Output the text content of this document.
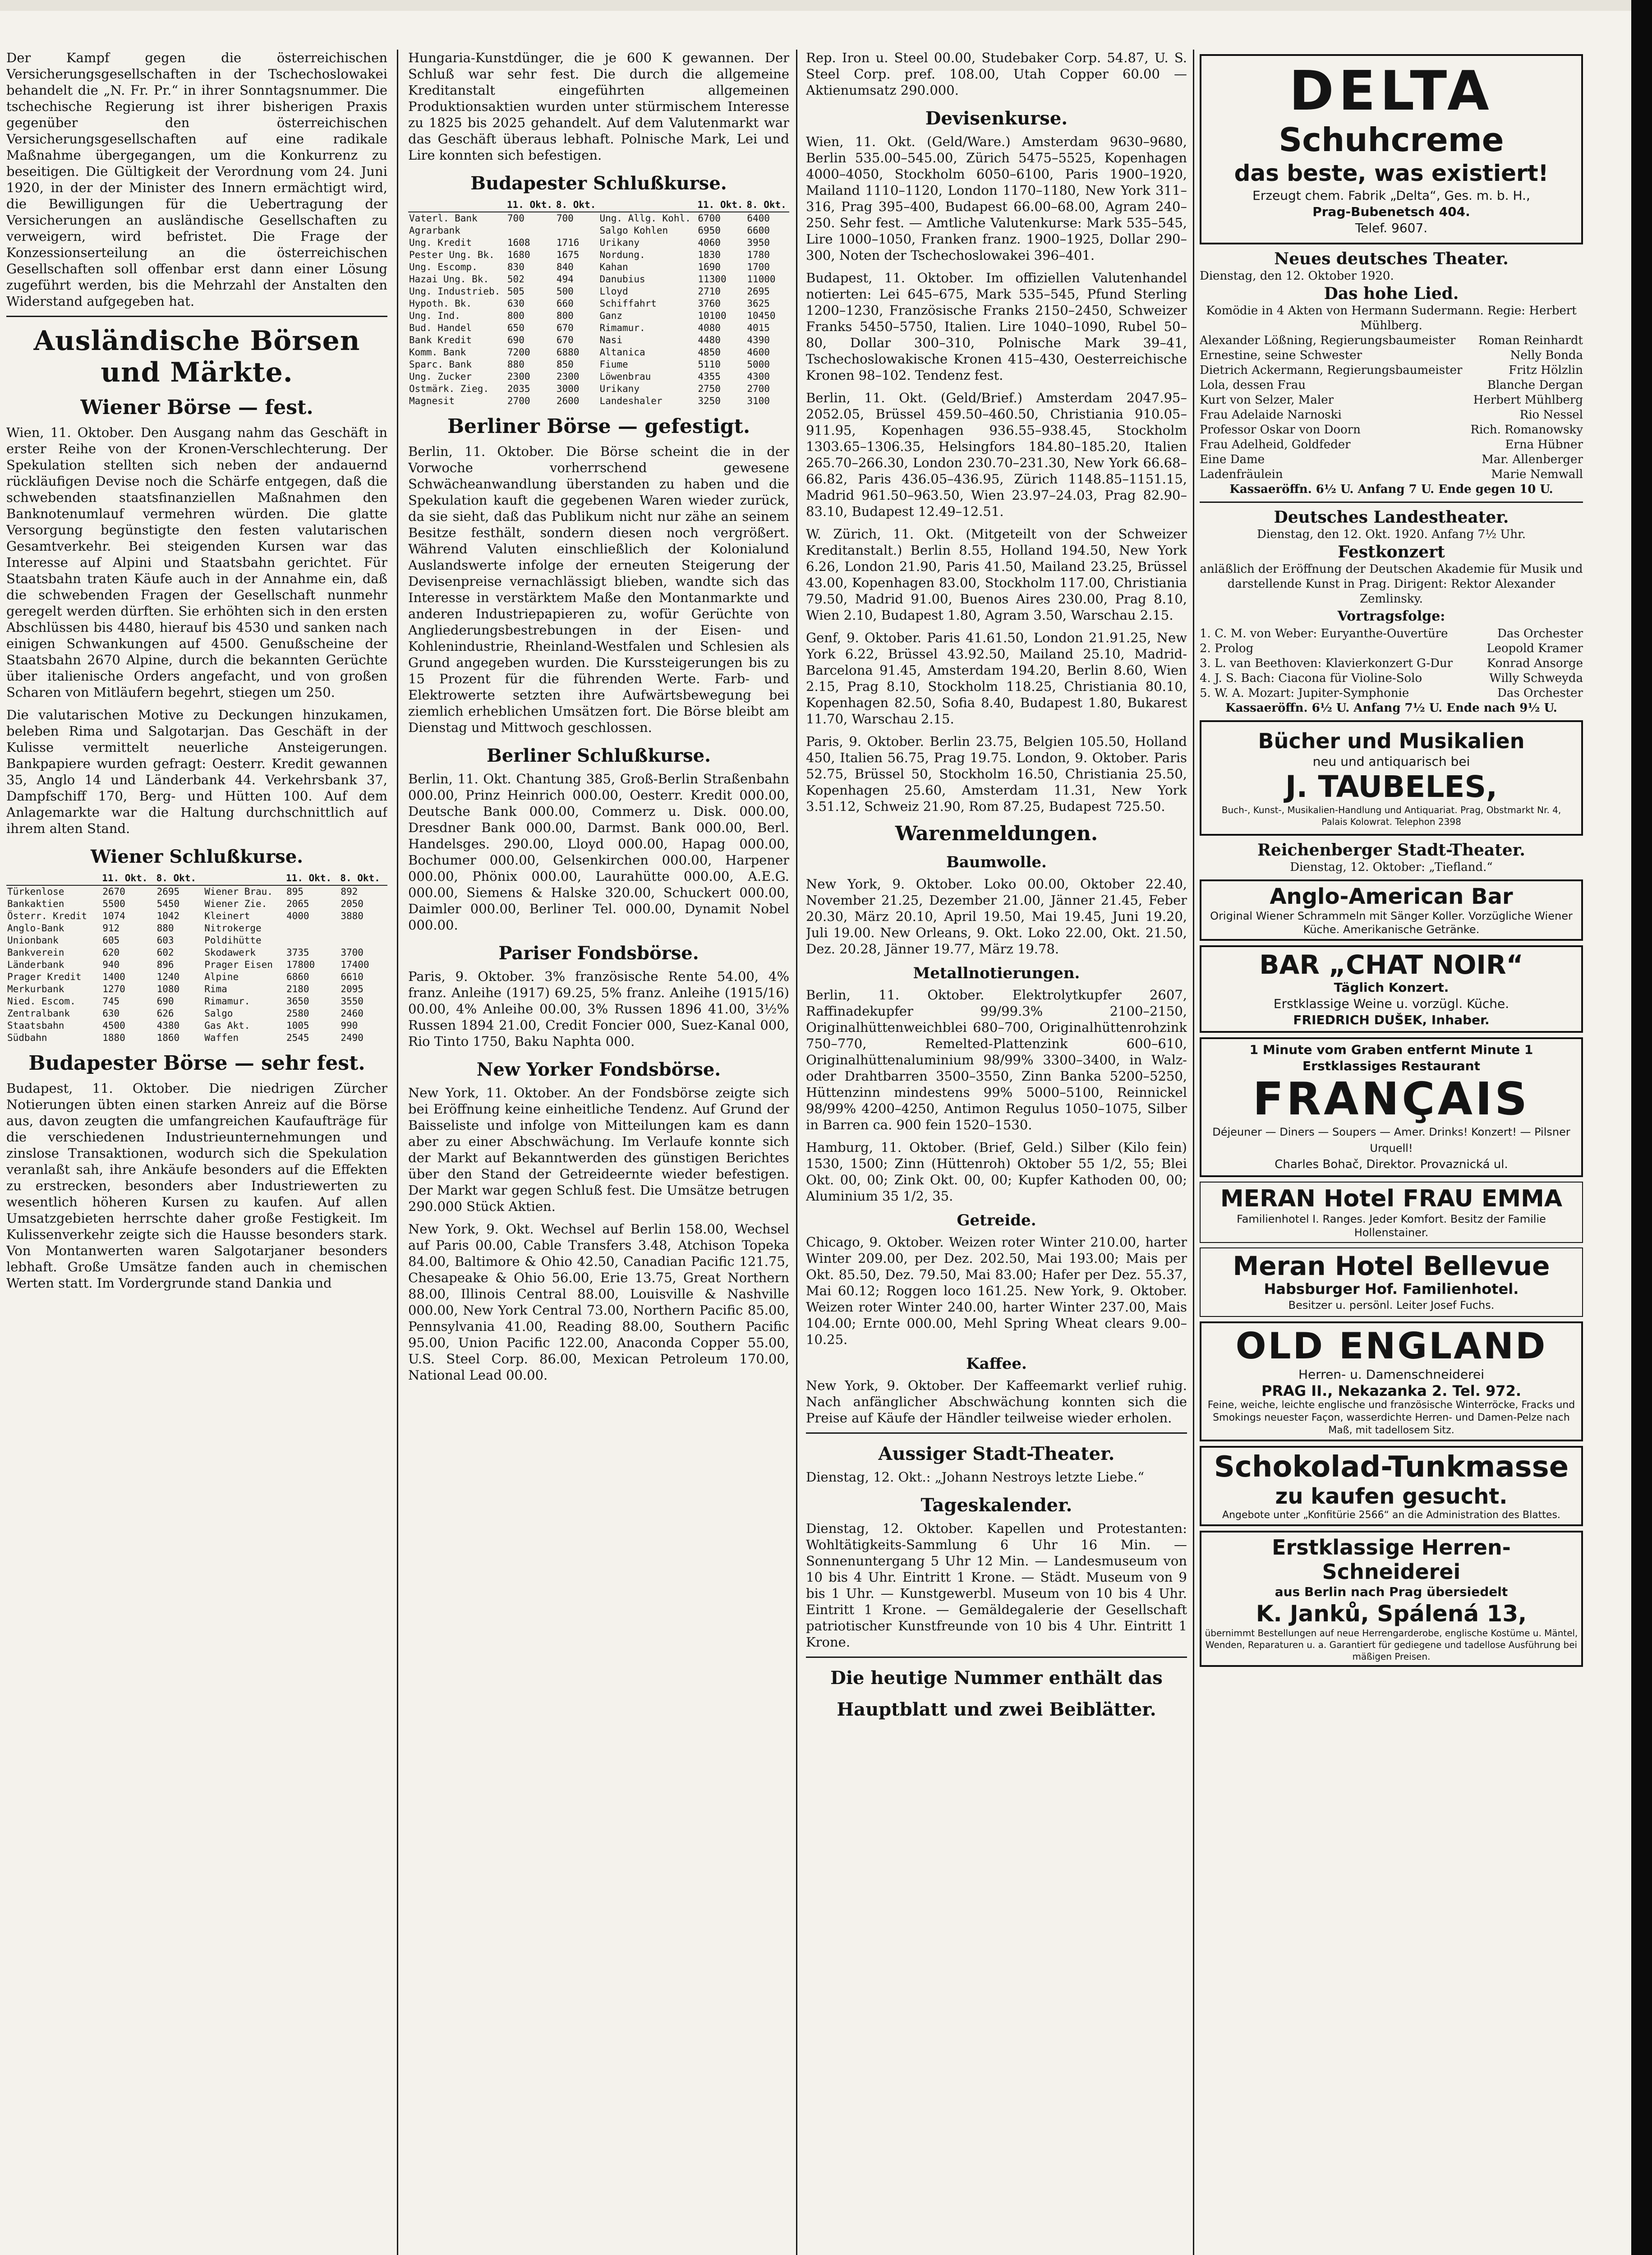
Der Kampf gegen die österreichischen Versicherungsgesellschaften in der Tschechoslowakei behandelt die „N. Fr. Pr.“ in ihrer Sonntagsnummer. Die tschechische Regierung ist ihrer bisherigen Praxis gegenüber den österreichischen Versicherungsgesellschaften auf eine radikale Maßnahme übergegangen, um die Konkurrenz zu beseitigen. Die Gültigkeit der Verordnung vom 24. Juni 1920, in der der Minister des Innern ermächtigt wird, die Bewilligungen für die Uebertragung der Versicherungen an ausländische Gesellschaften zu verweigern, wird befristet. Die Frage der Konzessionserteilung an die österreichischen Gesellschaften soll offenbar erst dann einer Lösung zugeführt werden, bis die Mehrzahl der Anstalten den Widerstand aufgegeben hat.

Ausländische Börsen und Märkte.
Wiener Börse — fest.

Wien, 11. Oktober. Den Ausgang nahm das Geschäft in erster Reihe von der Kronen-Verschlechterung. Der Spekulation stellten sich neben der andauernd rückläufigen Devise noch die Schärfe entgegen, daß die schwebenden staatsfinanziellen Maßnahmen den Banknotenumlauf vermehren würden. Die glatte Versorgung begünstigte den festen valutarischen Gesamtverkehr. Bei steigenden Kursen war das Interesse auf Alpini und Staatsbahn gerichtet. Für Staatsbahn traten Käufe auch in der Annahme ein, daß die schwebenden Fragen der Gesellschaft nunmehr geregelt werden dürften. Sie erhöhten sich in den ersten Abschlüssen bis 4480, hierauf bis 4530 und sanken nach einigen Schwankungen auf 4500. Genußscheine der Staatsbahn 2670 Alpine, durch die bekannten Gerüchte über italienische Orders angefacht, und von großen Scharen von Mitläufern begehrt, stiegen um 250.

Die valutarischen Motive zu Deckungen hinzukamen, beleben Rima und Salgotarjan. Das Geschäft in der Kulisse vermittelt neuerliche Ansteigerungen. Bankpapiere wurden gefragt: Oesterr. Kredit gewannen 35, Anglo 14 und Länderbank 44. Verkehrsbank 37, Dampfschiff 170, Berg- und Hütten 100. Auf dem Anlagemarkte war die Haltung durchschnittlich auf ihrem alten Stand.

Wiener Schlußkurse.
	11. Okt.	8. Okt.		11. Okt.	8. Okt.
Türkenlose	2670	2695	Wiener Brau.	895	892
Bankaktien	5500	5450	Wiener Zie.	2065	2050
Österr. Kredit	1074	1042	Kleinert	4000	3880
Anglo-Bank	912	880	Nitrokerge		
Unionbank	605	603	Poldihütte		
Bankverein	620	602	Skodawerk	3735	3700
Länderbank	940	896	Prager Eisen	17800	17400
Prager Kredit	1400	1240	Alpine	6860	6610
Merkurbank	1270	1080	Rima	2180	2095
Nied. Escom.	745	690	Rimamur.	3650	3550
Zentralbank	630	626	Salgo	2580	2460
Staatsbahn	4500	4380	Gas Akt.	1005	990
Südbahn	1880	1860	Waffen	2545	2490
Budapester Börse — sehr fest.

Budapest, 11. Oktober. Die niedrigen Zürcher Notierungen übten einen starken Anreiz auf die Börse aus, davon zeugten die umfangreichen Kaufaufträge für die verschiedenen Industrieunternehmungen und zinslose Transaktionen, wodurch sich die Spekulation veranlaßt sah, ihre Ankäufe besonders auf die Effekten zu erstrecken, besonders aber Industriewerten zu wesentlich höheren Kursen zu kaufen. Auf allen Umsatzgebieten herrschte daher große Festigkeit. Im Kulissenverkehr zeigte sich die Hausse besonders stark. Von Montanwerten waren Salgotarjaner besonders lebhaft. Große Umsätze fanden auch in chemischen Werten statt. Im Vordergrunde stand Dankia und

Hungaria-Kunstdünger, die je 600 K gewannen. Der Schluß war sehr fest. Die durch die allgemeine Kreditanstalt eingeführten allgemeinen Produktionsaktien wurden unter stürmischem Interesse zu 1825 bis 2025 gehandelt. Auf dem Valutenmarkt war das Geschäft überaus lebhaft. Polnische Mark, Lei und Lire konnten sich befestigen.

Budapester Schlußkurse.
	11. Okt.	8. Okt.		11. Okt.	8. Okt.
Vaterl. Bank	700	700	Ung. Allg. Kohl.	6700	6400
Agrarbank			Salgo Kohlen	6950	6600
Ung. Kredit	1608	1716	Urikany	4060	3950
Pester Ung. Bk.	1680	1675	Nordung.	1830	1780
Ung. Escomp.	830	840	Kahan	1690	1700
Hazai Ung. Bk.	502	494	Danubius	11300	11000
Ung. Industrieb.	505	500	Lloyd	2710	2695
Hypoth. Bk.	630	660	Schiffahrt	3760	3625
Ung. Ind.	800	800	Ganz	10100	10450
Bud. Handel	650	670	Rimamur.	4080	4015
Bank Kredit	690	670	Nasi	4480	4390
Komm. Bank	7200	6880	Altanica	4850	4600
Sparc. Bank	880	850	Fiume	5110	5000
Ung. Zucker	2300	2300	Löwenbrau	4355	4300
Ostmärk. Zieg.	2035	3000	Urikany	2750	2700
Magnesit	2700	2600	Landeshaler	3250	3100
Berliner Börse — gefestigt.

Berlin, 11. Oktober. Die Börse scheint die in der Vorwoche vorherrschend gewesene Schwächeanwandlung überstanden zu haben und die Spekulation kauft die gegebenen Waren wieder zurück, da sie sieht, daß das Publikum nicht nur zähe an seinem Besitze festhält, sondern diesen noch vergrößert. Während Valuten einschließlich der Kolonialund Auslandswerte infolge der erneuten Steigerung der Devisenpreise vernachlässigt blieben, wandte sich das Interesse in verstärktem Maße den Montanmarkte und anderen Industriepapieren zu, wofür Gerüchte von Angliederungsbestrebungen in der Eisen- und Kohlenindustrie, Rheinland-Westfalen und Schlesien als Grund angegeben wurden. Die Kurssteigerungen bis zu 15 Prozent für die führenden Werte. Farb- und Elektrowerte setzten ihre Aufwärtsbewegung bei ziemlich erheblichen Umsätzen fort. Die Börse bleibt am Dienstag und Mittwoch geschlossen.

Berliner Schlußkurse.

Berlin, 11. Okt. Chantung 385, Groß-Berlin Straßenbahn 000.00, Prinz Heinrich 000.00, Oesterr. Kredit 000.00, Deutsche Bank 000.00, Commerz u. Disk. 000.00, Dresdner Bank 000.00, Darmst. Bank 000.00, Berl. Handelsges. 290.00, Lloyd 000.00, Hapag 000.00, Bochumer 000.00, Gelsenkirchen 000.00, Harpener 000.00, Phönix 000.00, Laurahütte 000.00, A.E.G. 000.00, Siemens & Halske 320.00, Schuckert 000.00, Daimler 000.00, Berliner Tel. 000.00, Dynamit Nobel 000.00.

Pariser Fondsbörse.

Paris, 9. Oktober. 3% französische Rente 54.00, 4% franz. Anleihe (1917) 69.25, 5% franz. Anleihe (1915/16) 00.00, 4% Anleihe 00.00, 3% Russen 1896 41.00, 3½% Russen 1894 21.00, Credit Foncier 000, Suez-Kanal 000, Rio Tinto 1750, Baku Naphta 000.

New Yorker Fondsbörse.

New York, 11. Oktober. An der Fondsbörse zeigte sich bei Eröffnung keine einheitliche Tendenz. Auf Grund der Baisseliste und infolge von Mitteilungen kam es dann aber zu einer Abschwächung. Im Verlaufe konnte sich der Markt auf Bekanntwerden des günstigen Berichtes über den Stand der Getreideernte wieder befestigen. Der Markt war gegen Schluß fest. Die Umsätze betrugen 290.000 Stück Aktien.

New York, 9. Okt. Wechsel auf Berlin 158.00, Wechsel auf Paris 00.00, Cable Transfers 3.48, Atchison Topeka 84.00, Baltimore & Ohio 42.50, Canadian Pacific 121.75, Chesapeake & Ohio 56.00, Erie 13.75, Great Northern 88.00, Illinois Central 88.00, Louisville & Nashville 000.00, New York Central 73.00, Northern Pacific 85.00, Pennsylvania 41.00, Reading 88.00, Southern Pacific 95.00, Union Pacific 122.00, Anaconda Copper 55.00, U.S. Steel Corp. 86.00, Mexican Petroleum 170.00, National Lead 00.00.

Rep. Iron u. Steel 00.00, Studebaker Corp. 54.87, U. S. Steel Corp. pref. 108.00, Utah Copper 60.00 — Aktienumsatz 290.000.

Devisenkurse.

Wien, 11. Okt. (Geld/Ware.) Amsterdam 9630–9680, Berlin 535.00–545.00, Zürich 5475–5525, Kopenhagen 4000–4050, Stockholm 6050–6100, Paris 1900–1920, Mailand 1110–1120, London 1170–1180, New York 311–316, Prag 395–400, Budapest 66.00–68.00, Agram 240–250. Sehr fest. — Amtliche Valutenkurse: Mark 535–545, Lire 1000–1050, Franken franz. 1900–1925, Dollar 290–300, Noten der Tschechoslowakei 396–401.

Budapest, 11. Oktober. Im offiziellen Valutenhandel notierten: Lei 645–675, Mark 535–545, Pfund Sterling 1200–1230, Französische Franks 2150–2450, Schweizer Franks 5450–5750, Italien. Lire 1040–1090, Rubel 50–80, Dollar 300–310, Polnische Mark 39–41, Tschechoslowakische Kronen 415–430, Oesterreichische Kronen 98–102. Tendenz fest.

Berlin, 11. Okt. (Geld/Brief.) Amsterdam 2047.95–2052.05, Brüssel 459.50–460.50, Christiania 910.05–911.95, Kopenhagen 936.55–938.45, Stockholm 1303.65–1306.35, Helsingfors 184.80–185.20, Italien 265.70–266.30, London 230.70–231.30, New York 66.68–66.82, Paris 436.05–436.95, Zürich 1148.85–1151.15, Madrid 961.50–963.50, Wien 23.97–24.03, Prag 82.90–83.10, Budapest 12.49–12.51.

W. Zürich, 11. Okt. (Mitgeteilt von der Schweizer Kreditanstalt.) Berlin 8.55, Holland 194.50, New York 6.26, London 21.90, Paris 41.50, Mailand 23.25, Brüssel 43.00, Kopenhagen 83.00, Stockholm 117.00, Christiania 79.50, Madrid 91.00, Buenos Aires 230.00, Prag 8.10, Wien 2.10, Budapest 1.80, Agram 3.50, Warschau 2.15.

Genf, 9. Oktober. Paris 41.61.50, London 21.91.25, New York 6.22, Brüssel 43.92.50, Mailand 25.10, Madrid-Barcelona 91.45, Amsterdam 194.20, Berlin 8.60, Wien 2.15, Prag 8.10, Stockholm 118.25, Christiania 80.10, Kopenhagen 82.50, Sofia 8.40, Budapest 1.80, Bukarest 11.70, Warschau 2.15.

Paris, 9. Oktober. Berlin 23.75, Belgien 105.50, Holland 450, Italien 56.75, Prag 19.75. London, 9. Oktober. Paris 52.75, Brüssel 50, Stockholm 16.50, Christiania 25.50, Kopenhagen 25.60, Amsterdam 11.31, New York 3.51.12, Schweiz 21.90, Rom 87.25, Budapest 725.50.

Warenmeldungen.
Baumwolle.

New York, 9. Oktober. Loko 00.00, Oktober 22.40, November 21.25, Dezember 21.00, Jänner 21.45, Feber 20.30, März 20.10, April 19.50, Mai 19.45, Juni 19.20, Juli 19.00. New Orleans, 9. Okt. Loko 22.00, Okt. 21.50, Dez. 20.28, Jänner 19.77, März 19.78.

Metallnotierungen.

Berlin, 11. Oktober. Elektrolytkupfer 2607, Raffinadekupfer 99/99.3% 2100–2150, Originalhüttenweichblei 680–700, Originalhüttenrohzink 750–770, Remelted-Plattenzink 600–610, Originalhüttenaluminium 98/99% 3300–3400, in Walz- oder Drahtbarren 3500–3550, Zinn Banka 5200–5250, Hüttenzinn mindestens 99% 5000–5100, Reinnickel 98/99% 4200–4250, Antimon Regulus 1050–1075, Silber in Barren ca. 900 fein 1520–1530.

Hamburg, 11. Oktober. (Brief, Geld.) Silber (Kilo fein) 1530, 1500; Zinn (Hüttenroh) Oktober 55 1/2, 55; Blei Okt. 00, 00; Zink Okt. 00, 00; Kupfer Kathoden 00, 00; Aluminium 35 1/2, 35.

Getreide.

Chicago, 9. Oktober. Weizen roter Winter 210.00, harter Winter 209.00, per Dez. 202.50, Mai 193.00; Mais per Okt. 85.50, Dez. 79.50, Mai 83.00; Hafer per Dez. 55.37, Mai 60.12; Roggen loco 161.25. New York, 9. Oktober. Weizen roter Winter 240.00, harter Winter 237.00, Mais 104.00; Ernte 000.00, Mehl Spring Wheat clears 9.00–10.25.

Kaffee.

New York, 9. Oktober. Der Kaffeemarkt verlief ruhig. Nach anfänglicher Abschwächung konnten sich die Preise auf Käufe der Händler teilweise wieder erholen.

Aussiger Stadt-Theater.

Dienstag, 12. Okt.: „Johann Nestroys letzte Liebe.“

Tageskalender.

Dienstag, 12. Oktober. Kapellen und Protestanten: Wohltätigkeits-Sammlung 6 Uhr 16 Min. — Sonnenuntergang 5 Uhr 12 Min. — Landesmuseum von 10 bis 4 Uhr. Eintritt 1 Krone. — Städt. Museum von 9 bis 1 Uhr. — Kunstgewerbl. Museum von 10 bis 4 Uhr. Eintritt 1 Krone. — Gemäldegalerie der Gesellschaft patriotischer Kunstfreunde von 10 bis 4 Uhr. Eintritt 1 Krone.

Die heutige Nummer enthält das
Hauptblatt und zwei Beiblätter.
DELTA
Schuhcreme
das beste, was existiert!
Erzeugt chem. Fabrik „Delta“, Ges. m. b. H.,
Prag-Bubenetsch 404.
Telef. 9607.
Neues deutsches Theater.
Dienstag, den 12. Oktober 1920.
Das hohe Lied.
Komödie in 4 Akten von Hermann Sudermann. Regie: Herbert Mühlberg.
Alexander Lößning, Regierungsbaumeister Roman Reinhardt
Ernestine, seine Schwester	Nelly Bonda
Dietrich Ackermann, Regierungsbaumeister	Fritz Hölzlin
Lola, dessen Frau	Blanche Dergan
Kurt von Selzer, Maler	Herbert Mühlberg
Frau Adelaide Narnoski	Rio Nessel
Professor Oskar von Doorn	Rich. Romanowsky
Frau Adelheid, Goldfeder	Erna Hübner
Eine Dame	Mar. Allenberger
Ladenfräulein	Marie Nemwall
Kassaeröffn. 6½ U. Anfang 7 U. Ende gegen 10 U.
Deutsches Landestheater.
Dienstag, den 12. Okt. 1920. Anfang 7½ Uhr.
Festkonzert
anläßlich der Eröffnung der Deutschen Akademie für Musik und darstellende Kunst in Prag. Dirigent: Rektor Alexander Zemlinsky.
Vortragsfolge:
1. C. M. von Weber: Euryanthe-Ouvertüre	Das Orchester
2. Prolog	Leopold Kramer
3. L. van Beethoven: Klavierkonzert G-Dur	Konrad Ansorge
4. J. S. Bach: Ciacona für Violine-Solo	Willy Schweyda
5. W. A. Mozart: Jupiter-Symphonie	Das Orchester
Kassaeröffn. 6½ U. Anfang 7½ U. Ende nach 9½ U.
Bücher und Musikalien
neu und antiquarisch bei
J. TAUBELES,
Buch-, Kunst-, Musikalien-Handlung und Antiquariat. Prag, Obstmarkt Nr. 4, Palais Kolowrat. Telephon 2398
Reichenberger Stadt-Theater.
Dienstag, 12. Oktober: „Tiefland.“
Anglo-American Bar
Original Wiener Schrammeln mit Sänger Koller. Vorzügliche Wiener Küche. Amerikanische Getränke.
BAR „CHAT NOIR“
Täglich Konzert.
Erstklassige Weine u. vorzügl. Küche.
FRIEDRICH DUŠEK, Inhaber.
1 Minute vom Graben entfernt Minute 1
Erstklassiges Restaurant
FRANÇAIS
Déjeuner — Diners — Soupers — Amer. Drinks! Konzert! — Pilsner Urquell!
Charles Bohač, Direktor. Provaznická ul.
MERAN Hotel FRAU EMMA
Familienhotel I. Ranges. Jeder Komfort. Besitz der Familie Hollenstainer.
Meran Hotel Bellevue
Habsburger Hof. Familienhotel.
Besitzer u. persönl. Leiter Josef Fuchs.
OLD ENGLAND
Herren- u. Damenschneiderei
PRAG II., Nekazanka 2. Tel. 972.
Feine, weiche, leichte englische und französische Winterröcke, Fracks und Smokings neuester Façon, wasserdichte Herren- und Damen-Pelze nach Maß, mit tadellosem Sitz.
Schokolad-Tunkmasse
zu kaufen gesucht.
Angebote unter „Konfitürie 2566“ an die Administration des Blattes.
Erstklassige Herren-Schneiderei
aus Berlin nach Prag übersiedelt
K. Janků, Spálená 13,
übernimmt Bestellungen auf neue Herrengarderobe, englische Kostüme u. Mäntel, Wenden, Reparaturen u. a. Garantiert für gediegene und tadellose Ausführung bei mäßigen Preisen.
